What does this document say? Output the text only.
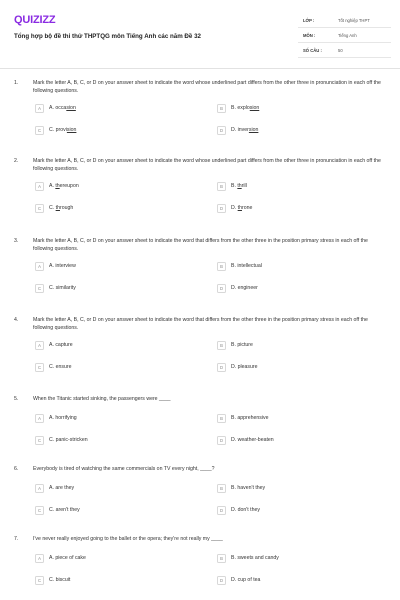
QUIZIZZ
Tổng hợp bộ đề thi thử THPTQG môn Tiếng Anh các năm Đề 32
LỚP :	Tốt nghiệp THPT
MÔN :	Tiếng Anh
SỐ CÂU :	50
1.	Mark the letter A, B, C, or D on your answer sheet to indicate the word whose underlined part differs from the other three in pronunciation in each off the following questions.
A	A. occasion	B	B. explosion
C	C. provision	D	D. inversion
2.	Mark the letter A, B, C, or D on your answer sheet to indicate the word whose underlined part differs from the other three in pronunciation in each off the following questions.
A	A. thereupon	B	B. thrill
C	C. through	D	D. throne
3.	Mark the letter A, B, C, or D on your answer sheet to indicate the word that differs from the other three in the position primary stress in each off the following questions.
A	A. interview	B	B. intellectual
C	C. similarity	D	D. engineer
4.	Mark the letter A, B, C, or D on your answer sheet to indicate the word that differs from the other three in the position primary stress in each off the following questions.
A	A. capture	B	B. picture
C	C. ensure	D	D. pleasure
5.	When the Titanic started sinking, the passengers were ____
A	A. horrifying	B	B. apprehensive
C	C. panic-stricken	D	D. weather-beaten
6.	Everybody is tired of watching the same commercials on TV every night, ____?
A	A. are they	B	B. haven't they
C	C. aren't they	D	D. don't they
7.	I've never really enjoyed going to the ballet or the opera; they're not really my ____
A	A. piece of cake	B	B. sweets and candy
C	C. biscuit	D	D. cup of tea
